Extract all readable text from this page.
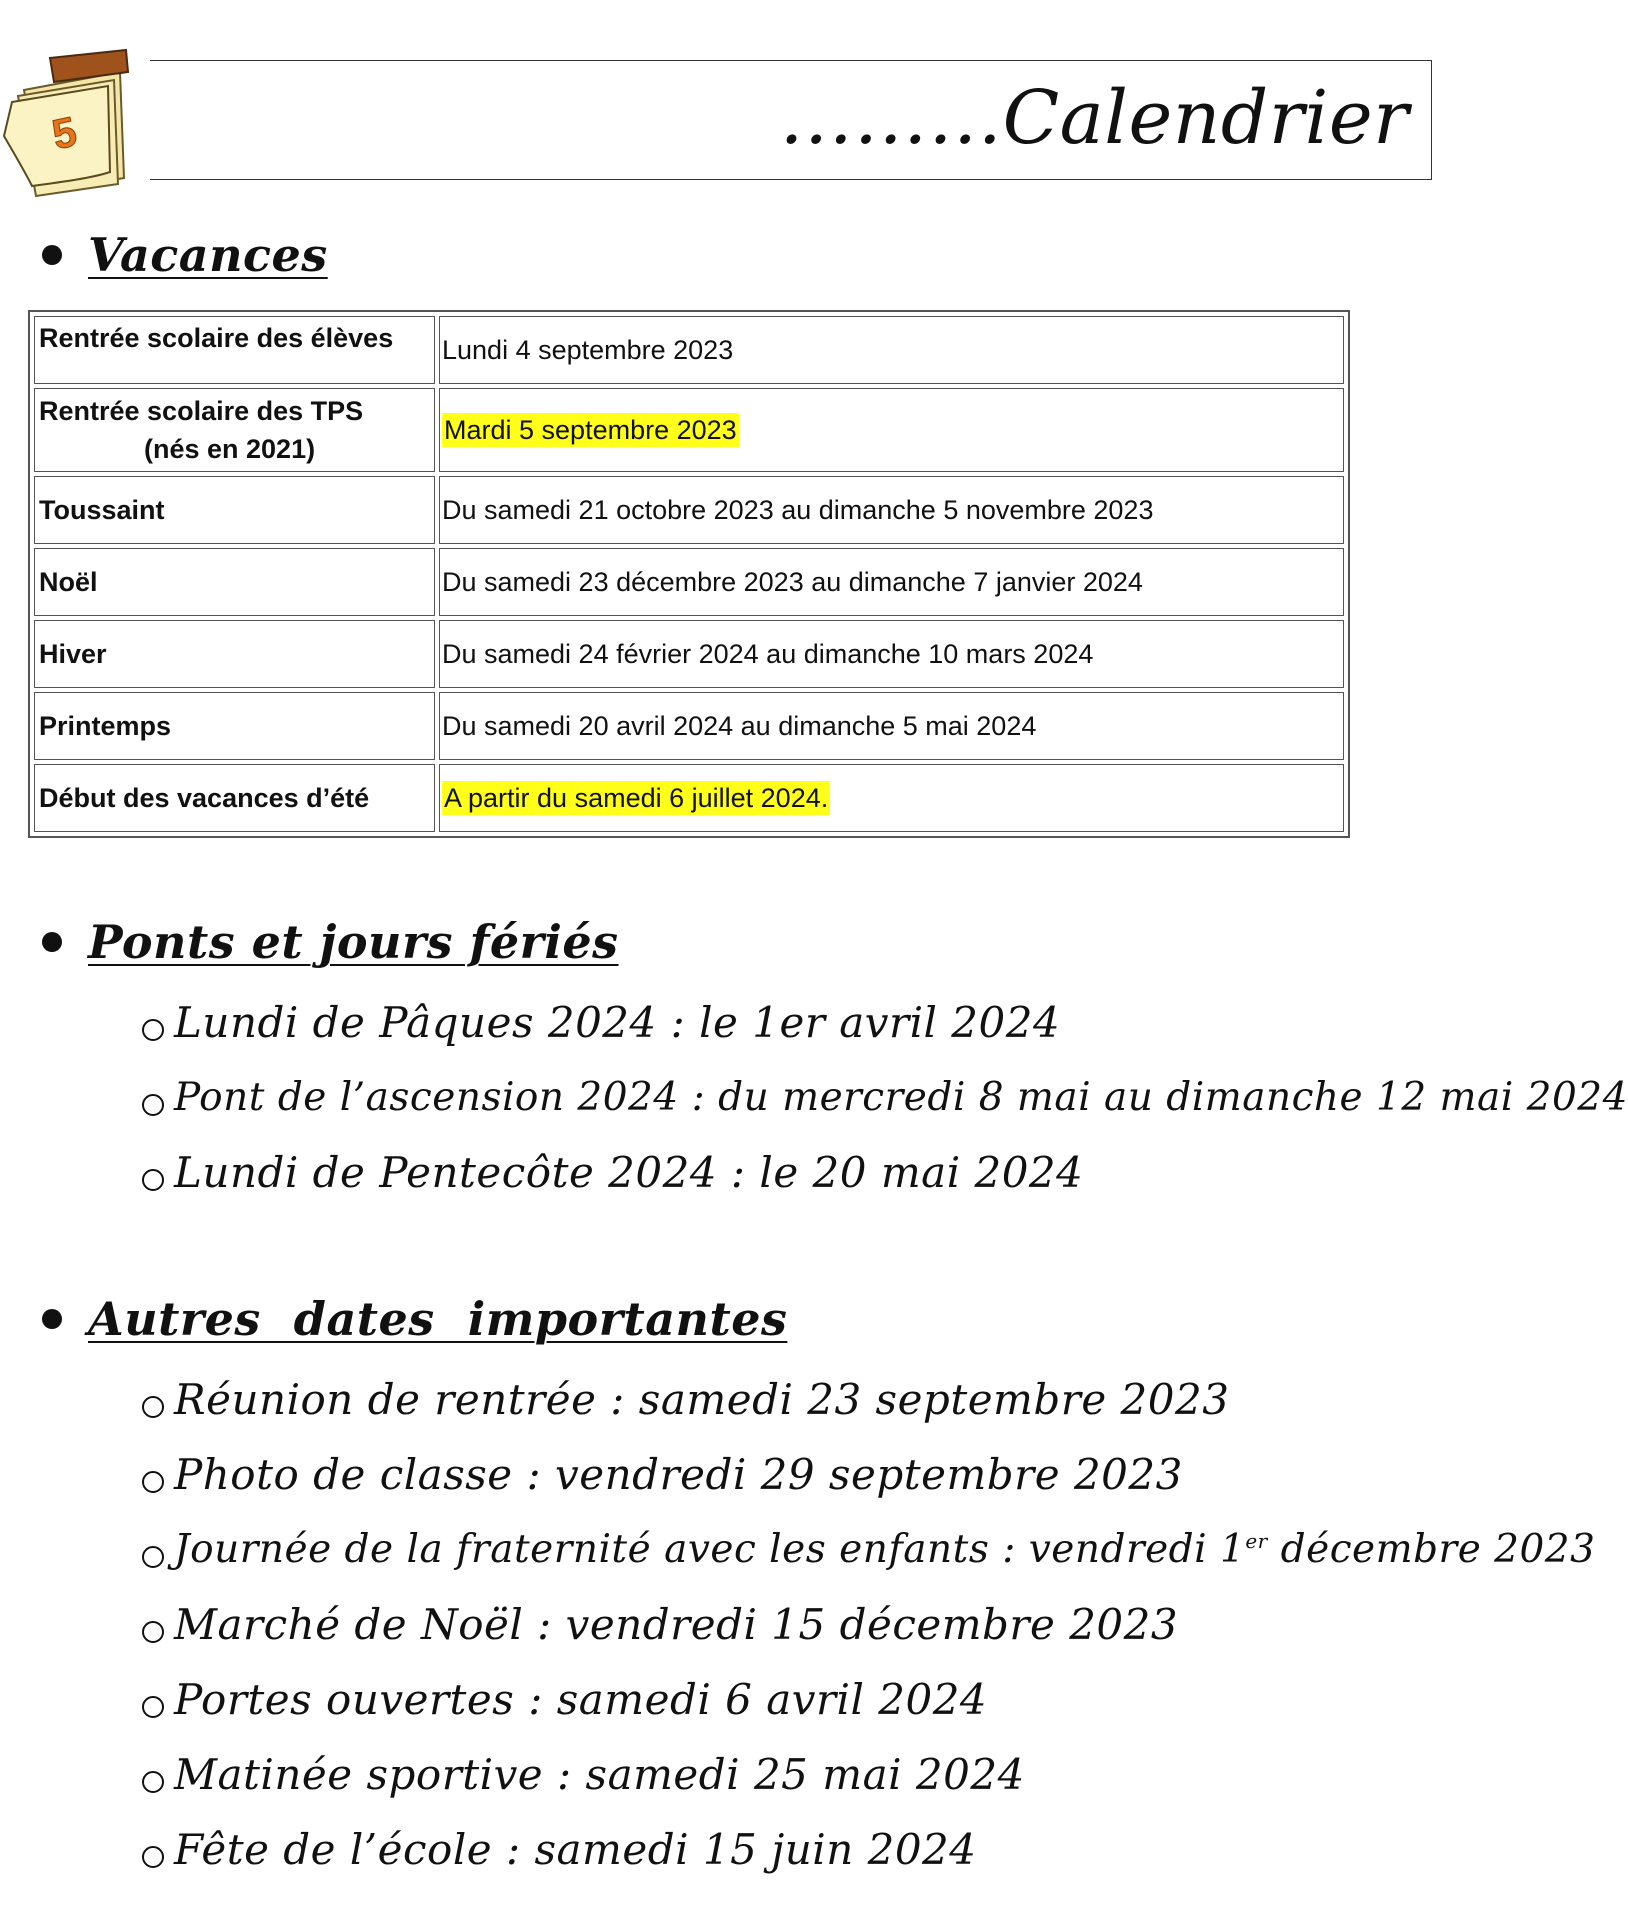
5	………Calendrier
Vacances
Rentrée scolaire des élèves	Lundi 4 septembre 2023
Rentrée scolaire des TPS
(nés en 2021)	Mardi 5 septembre 2023
Toussaint	Du samedi 21 octobre 2023 au dimanche 5 novembre 2023
Noël	Du samedi 23 décembre 2023 au dimanche 7 janvier 2024
Hiver	Du samedi 24 février 2024 au dimanche 10 mars 2024
Printemps	Du samedi 20 avril 2024 au dimanche 5 mai 2024
Début des vacances d’été	A partir du samedi 6 juillet 2024.
Ponts et jours fériés
Lundi de Pâques 2024 : le 1er avril 2024
Pont de l’ascension 2024 : du mercredi 8 mai au dimanche 12 mai 2024
Lundi de Pentecôte 2024 : le 20 mai 2024
Autres  dates  importantes
Réunion de rentrée : samedi 23 septembre 2023
Photo de classe : vendredi 29 septembre 2023
Journée de la fraternité avec les enfants : vendredi 1er décembre 2023
Marché de Noël : vendredi 15 décembre 2023
Portes ouvertes : samedi 6 avril 2024
Matinée sportive : samedi 25 mai 2024
Fête de l’école : samedi 15 juin 2024
